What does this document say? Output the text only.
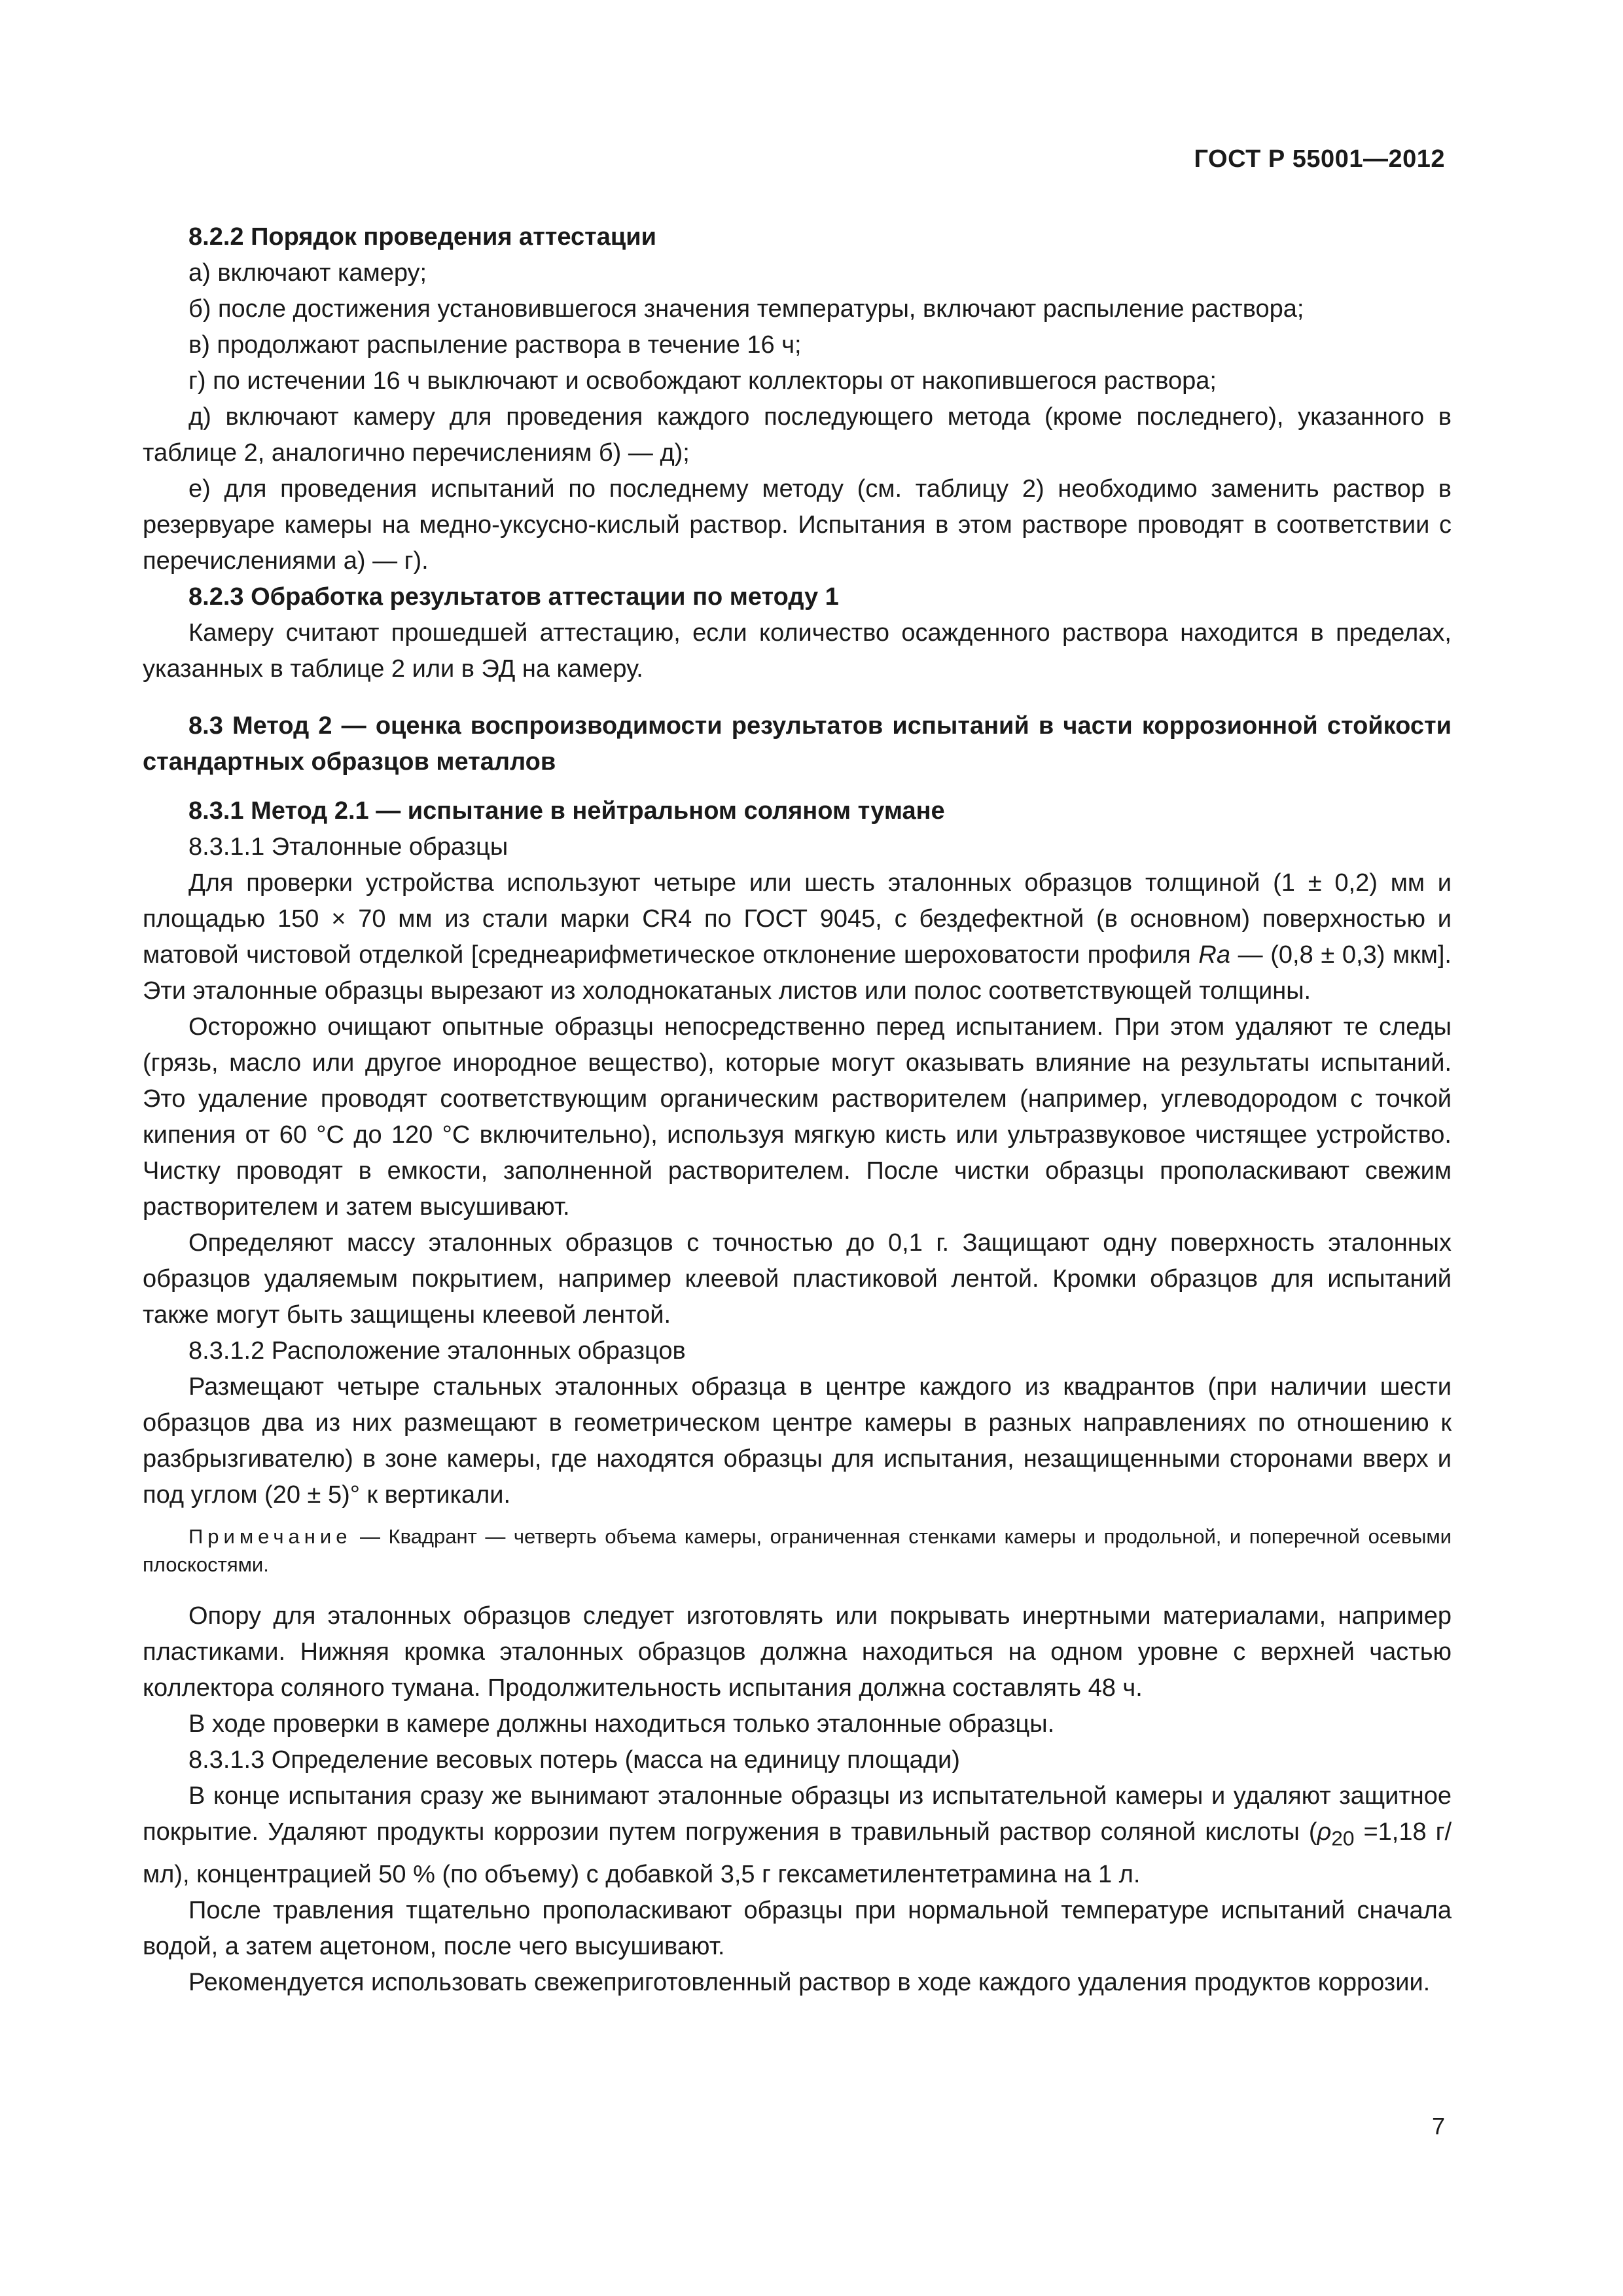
ГОСТ Р 55001—2012

8.2.2 Порядок проведения аттестации

а) включают камеру;

б) после достижения установившегося значения температуры, включают распыление раствора;

в) продолжают распыление раствора в течение 16 ч;

г) по истечении 16 ч выключают и освобождают коллекторы от накопившегося раствора;

д) включают камеру для проведения каждого последующего метода (кроме последнего), указанного в таблице 2, аналогично перечислениям б) — д);

е) для проведения испытаний по последнему методу (см. таблицу 2) необходимо заменить раствор в резервуаре камеры на медно-уксусно-кислый раствор. Испытания в этом растворе проводят в соответствии с перечислениями а) — г).

8.2.3 Обработка результатов аттестации по методу 1

Камеру считают прошедшей аттестацию, если количество осажденного раствора находится в пределах, указанных в таблице 2 или в ЭД на камеру.

8.3 Метод 2 — оценка воспроизводимости результатов испытаний в части коррозионной стойкости стандартных образцов металлов

8.3.1 Метод 2.1 — испытание в нейтральном соляном тумане

8.3.1.1 Эталонные образцы

Для проверки устройства используют четыре или шесть эталонных образцов толщиной (1 ± 0,2) мм и площадью 150 × 70 мм из стали марки CR4 по ГОСТ 9045, с бездефектной (в основном) поверхностью и матовой чистовой отделкой [среднеарифметическое отклонение шероховатости профиля Ra — (0,8 ± 0,3) мкм]. Эти эталонные образцы вырезают из холоднокатаных листов или полос соответствующей толщины.

Осторожно очищают опытные образцы непосредственно перед испытанием. При этом удаляют те следы (грязь, масло или другое инородное вещество), которые могут оказывать влияние на результаты испытаний. Это удаление проводят соответствующим органическим растворителем (например, углеводородом с точкой кипения от 60 °С до 120 °С включительно), используя мягкую кисть или ультразвуковое чистящее устройство. Чистку проводят в емкости, заполненной растворителем. После чистки образцы прополаскивают свежим растворителем и затем высушивают.

Определяют массу эталонных образцов с точностью до 0,1 г. Защищают одну поверхность эталонных образцов удаляемым покрытием, например клеевой пластиковой лентой. Кромки образцов для испытаний также могут быть защищены клеевой лентой.

8.3.1.2 Расположение эталонных образцов

Размещают четыре стальных эталонных образца в центре каждого из квадрантов (при наличии шести образцов два из них размещают в геометрическом центре камеры в разных направлениях по отношению к разбрызгивателю) в зоне камеры, где находятся образцы для испытания, незащищенными сторонами вверх и под углом (20 ± 5)° к вертикали.

Примечание — Квадрант — четверть объема камеры, ограниченная стенками камеры и продольной, и поперечной осевыми плоскостями.

Опору для эталонных образцов следует изготовлять или покрывать инертными материалами, например пластиками. Нижняя кромка эталонных образцов должна находиться на одном уровне с верхней частью коллектора соляного тумана. Продолжительность испытания должна составлять 48 ч.

В ходе проверки в камере должны находиться только эталонные образцы.

8.3.1.3 Определение весовых потерь (масса на единицу площади)

В конце испытания сразу же вынимают эталонные образцы из испытательной камеры и удаляют защитное покрытие. Удаляют продукты коррозии путем погружения в травильный раствор соляной кислоты ($\rho_{20} =1,18$ г/мл), концентрацией 50 % (по объему) с добавкой 3,5 г гексаметилентетрамина на 1 л.

После травления тщательно прополаскивают образцы при нормальной температуре испытаний сначала водой, а затем ацетоном, после чего высушивают.

Рекомендуется использовать свежеприготовленный раствор в ходе каждого удаления продуктов коррозии.

7
